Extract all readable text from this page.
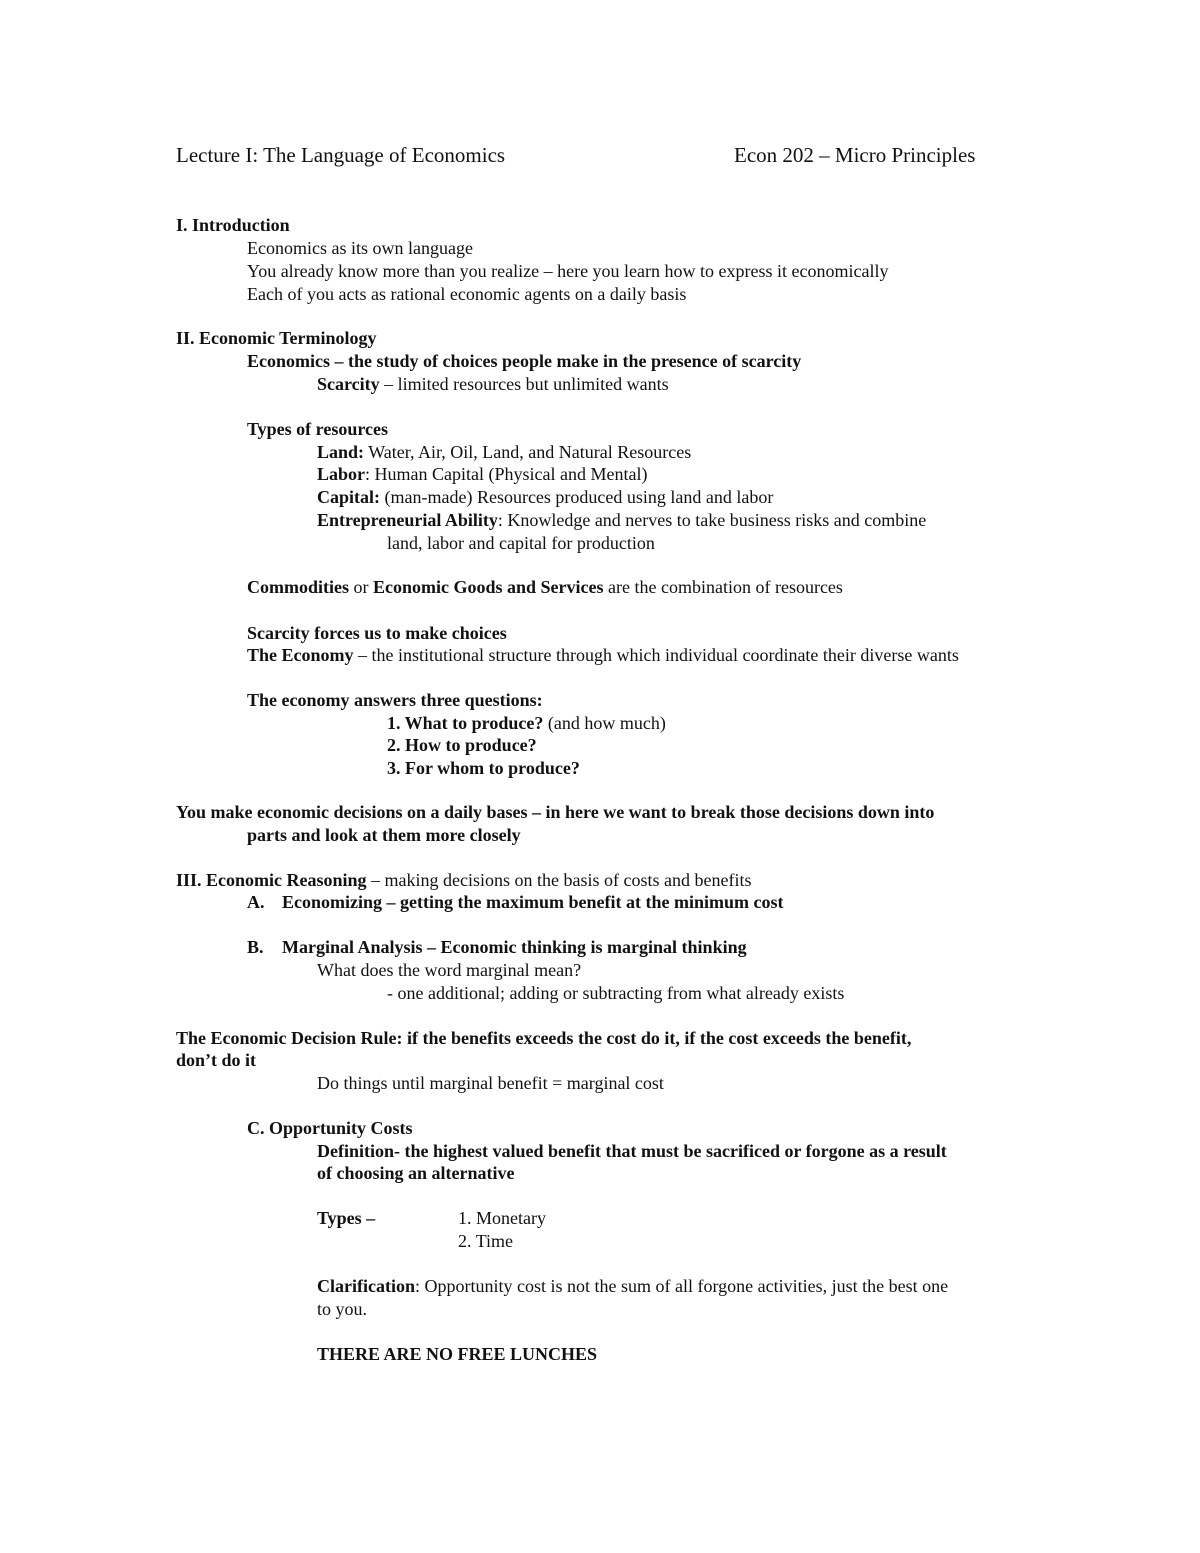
Lecture I: The Language of Economics	Econ 202 – Micro Principles
I. Introduction
Economics as its own language
You already know more than you realize – here you learn how to express it economically
Each of you acts as rational economic agents on a daily basis
II. Economic Terminology
Economics – the study of choices people make in the presence of scarcity
Scarcity – limited resources but unlimited wants
Types of resources
Land: Water, Air, Oil, Land, and Natural Resources
Labor: Human Capital (Physical and Mental)
Capital: (man-made) Resources produced using land and labor
Entrepreneurial Ability: Knowledge and nerves to take business risks and combine
land, labor and capital for production
Commodities or Economic Goods and Services are the combination of resources
Scarcity forces us to make choices
The Economy – the institutional structure through which individual coordinate their diverse wants
The economy answers three questions:
1. What to produce? (and how much)
2. How to produce?
3. For whom to produce?
You make economic decisions on a daily bases – in here we want to break those decisions down into
parts and look at them more closely
III. Economic Reasoning – making decisions on the basis of costs and benefits
A. Economizing – getting the maximum benefit at the minimum cost
B. Marginal Analysis – Economic thinking is marginal thinking
What does the word marginal mean?
- one additional; adding or subtracting from what already exists
The Economic Decision Rule: if the benefits exceeds the cost do it, if the cost exceeds the benefit,
don’t do it
Do things until marginal benefit = marginal cost
C. Opportunity Costs
Definition- the highest valued benefit that must be sacrificed or forgone as a result
of choosing an alternative
Types –	1. Monetary
2. Time
Clarification: Opportunity cost is not the sum of all forgone activities, just the best one
to you.
THERE ARE NO FREE LUNCHES
